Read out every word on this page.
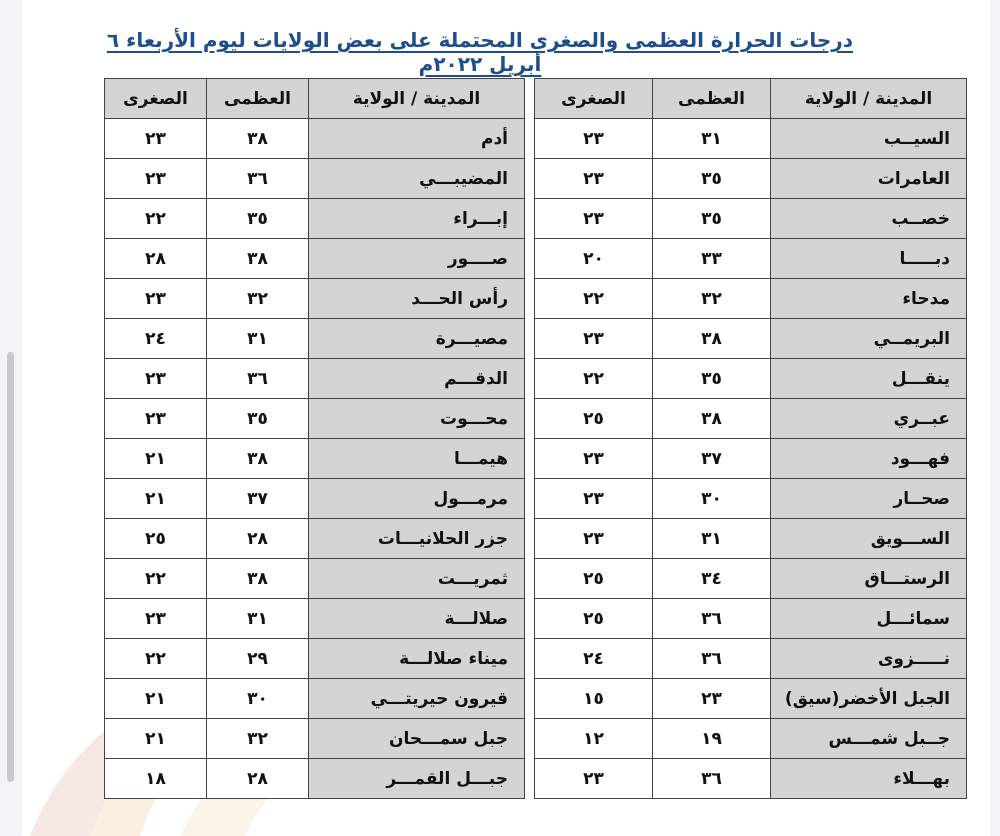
درجات الحرارة العظمى والصغرى المحتملة على بعض الولايات ليوم الأربعاء ٦ أبريل ٢٠٢٢م
المدينة / الولاية	العظمى	الصغرى
السيــب	٣١	٢٣
العامرات	٣٥	٢٣
خصــب	٣٥	٢٣
دبـــــا	٣٣	٢٠
مدحاء	٣٢	٢٢
البريمــي	٣٨	٢٣
ينقـــل	٣٥	٢٢
عبــري	٣٨	٢٥
فهـــود	٣٧	٢٣
صحــار	٣٠	٢٣
الســـويق	٣١	٢٣
الرستـــاق	٣٤	٢٥
سمائـــل	٣٦	٢٥
نـــــزوى	٣٦	٢٤
الجبل الأخضر(سيق)	٢٣	١٥
جــبل شمـــس	١٩	١٢
بهـــلاء	٣٦	٢٣
المدينة / الولاية	العظمى	الصغرى
أدم	٣٨	٢٣
المضيبـــي	٣٦	٢٣
إبـــراء	٣٥	٢٢
صــــور	٣٨	٢٨
رأس الحـــد	٣٢	٢٣
مصيـــرة	٣١	٢٤
الدقـــم	٣٦	٢٣
محـــوت	٣٥	٢٣
هيمـــا	٣٨	٢١
مرمـــول	٣٧	٢١
جزر الحلانيـــات	٢٨	٢٥
ثمريـــت	٣٨	٢٢
صلالـــة	٣١	٢٣
ميناء صلالـــة	٢٩	٢٢
قيرون حيريتـــي	٣٠	٢١
جبل سمـــحان	٣٢	٢١
جبـــل القمـــر	٢٨	١٨
